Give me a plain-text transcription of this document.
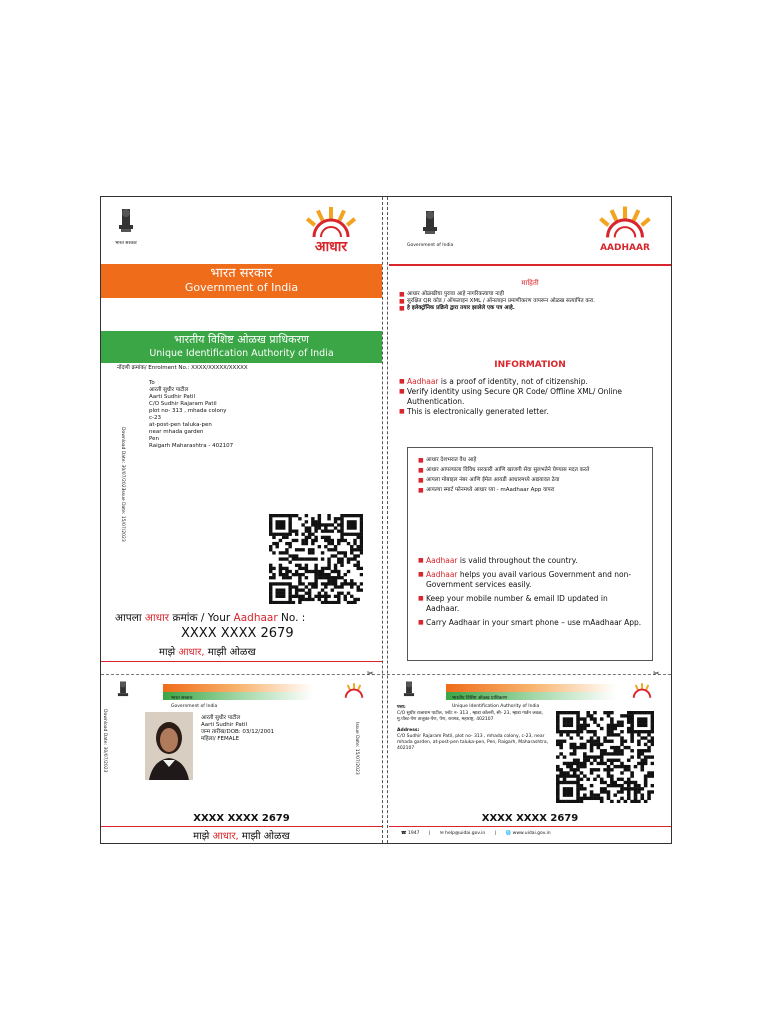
भारत सरकार	आधार
भारत सरकार
Government of India
भारतीय विशिष्ट ओळख प्राधिकरण
Unique Identification Authority of India
नोंदणी क्रमांक/ Enrolment No.: XXXX/XXXXX/XXXXX
Download Date: 30/07/2023
Issue Date: 15/07/2023
To
आरती सुधीर पाटील
Aarti Sudhir Patil
C/O Sudhir Rajaram Patil
plot no- 313 , mhada colony
c-23
at-post-pen taluka-pen
near mhada garden
Pen
Raigarh Maharashtra - 402107
आपला आधार क्रमांक / Your Aadhaar No. :
XXXX XXXX 2679
माझे आधार, माझी ओळख
Government of India	AADHAAR
माहिती
■ आधार ओळखीचा पुरावा आहे नागरिकत्वाचा नाही
■ सुरक्षित QR कोड / ऑफलाइन XML / ऑनलाइन प्रमाणीकरण वापरून ओळख सत्यापित करा.
■ हे इलेक्ट्रॉनिक प्रक्रिये द्वारा तयार झालेले एक पत्र आहे.
INFORMATION
■ Aadhaar is a proof of identity, not of citizenship.
■ Verify identity using Secure QR Code/ Offline XML/ Online Authentication.
■ This is electronically generated letter.
■ आधार देशभरात वैध आहे
■ आधार आपल्याला विविध सरकारी आणि खाजगी सेवा सुलभतेने घेण्यास मदत करते
■ आपला मोबाइल नंबर आणि ईमेल आयडी आधारमध्ये अद्ययावत ठेवा
■ आपल्या स्मार्ट फोनमध्ये आधार घ्या - mAadhaar App वापरा
■ Aadhaar is valid throughout the country.
■ Aadhaar helps you avail various Government and non-Government services easily.
■ Keep your mobile number & email ID updated in Aadhaar.
■ Carry Aadhaar in your smart phone – use mAadhaar App.
✂	✂
Government of India
Download Date: 30/07/2023	Issue Date: 15/07/2023
आरती सुधीर पाटील
Aarti Sudhir Patil
जन्म तारीख/DOB: 03/12/2001
महिला/ FEMALE
XXXX XXXX 2679
माझे आधार, माझी ओळख
Unique Identification Authority of India
पत्ता:
C/O सुधीर राजाराम पाटील, प्लॉट न- 313 , म्हाडा कॉलनी, सी- 23, म्हाडा गार्डन जवळ, मु.पोस्ट-पेण तालुका-पेण, पेण, रायगड, महाराष्ट्र, 402107
Address:
C/O Sudhir Rajaram Patil, plot no- 313 , mhada colony, c-23, near mhada garden, at-post-pen taluka-pen, Pen, Raigarh, Maharashtra, 402107
XXXX XXXX 2679
☎ 1947 | ✉ help@uidai.gov.in | 🌐 www.uidai.gov.in
